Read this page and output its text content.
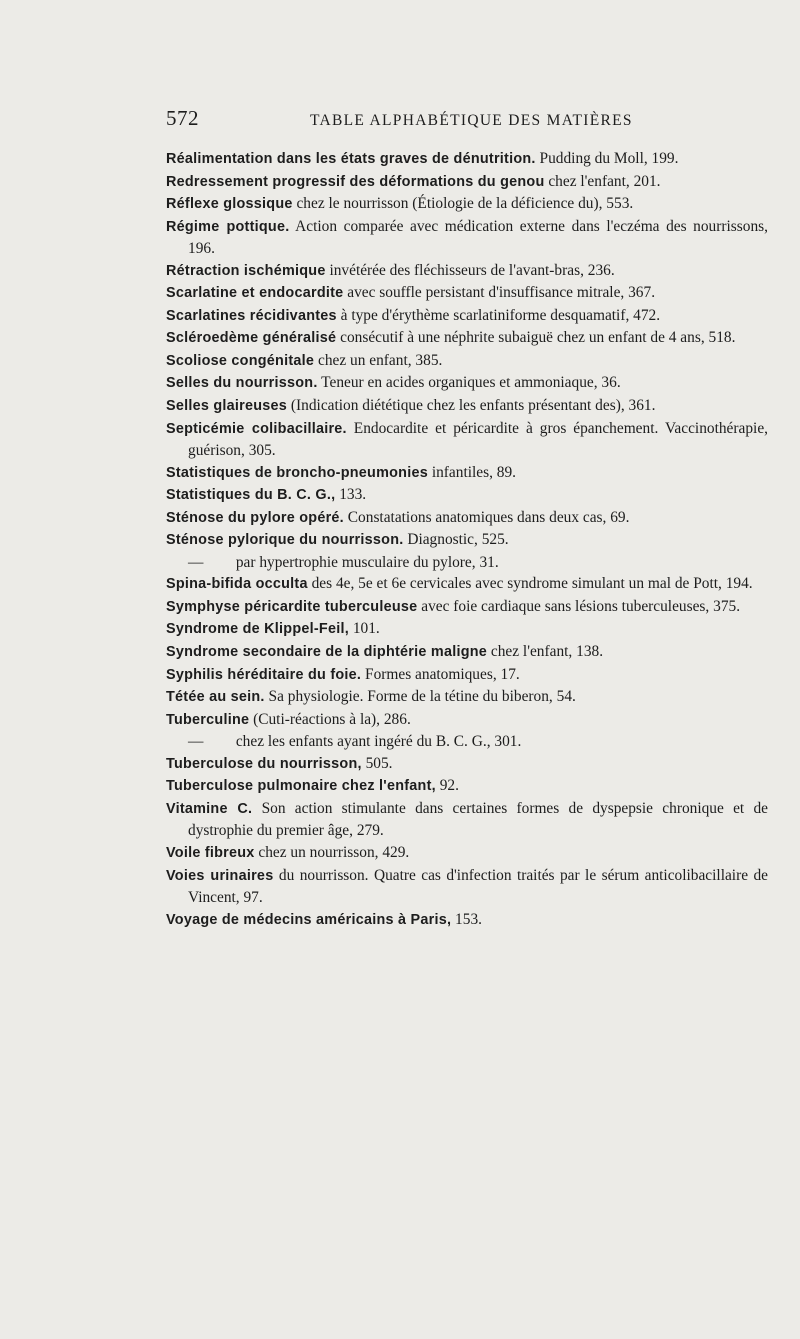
572	TABLE ALPHABÉTIQUE DES MATIÈRES
Réalimentation dans les états graves de dénutrition. Pudding du Moll, 199.
Redressement progressif des déformations du genou chez l'enfant, 201.
Réflexe glossique chez le nourrisson (Étiologie de la déficience du), 553.
Régime pottique. Action comparée avec médication externe dans l'eczéma des nourrissons, 196.
Rétraction ischémique invétérée des fléchisseurs de l'avant-bras, 236.
Scarlatine et endocardite avec souffle persistant d'insuffisance mitrale, 367.
Scarlatines récidivantes à type d'érythème scarlatiniforme desquamatif, 472.
Scléroedème généralisé consécutif à une néphrite subaiguë chez un enfant de 4 ans, 518.
Scoliose congénitale chez un enfant, 385.
Selles du nourrisson. Teneur en acides organiques et ammoniaque, 36.
Selles glaireuses (Indication diététique chez les enfants présentant des), 361.
Septicémie colibacillaire. Endocardite et péricardite à gros épanchement. Vaccinothérapie, guérison, 305.
Statistiques de broncho-pneumonies infantiles, 89.
Statistiques du B. C. G., 133.
Sténose du pylore opéré. Constatations anatomiques dans deux cas, 69.
Sténose pylorique du nourrisson. Diagnostic, 525.
— par hypertrophie musculaire du pylore, 31.
Spina-bifida occulta des 4e, 5e et 6e cervicales avec syndrome simulant un mal de Pott, 194.
Symphyse péricardite tuberculeuse avec foie cardiaque sans lésions tuberculeuses, 375.
Syndrome de Klippel-Feil, 101.
Syndrome secondaire de la diphtérie maligne chez l'enfant, 138.
Syphilis héréditaire du foie. Formes anatomiques, 17.
Tétée au sein. Sa physiologie. Forme de la tétine du biberon, 54.
Tuberculine (Cuti-réactions à la), 286.
— chez les enfants ayant ingéré du B. C. G., 301.
Tuberculose du nourrisson, 505.
Tuberculose pulmonaire chez l'enfant, 92.
Vitamine C. Son action stimulante dans certaines formes de dyspepsie chronique et de dystrophie du premier âge, 279.
Voile fibreux chez un nourrisson, 429.
Voies urinaires du nourrisson. Quatre cas d'infection traités par le sérum anticolibacillaire de Vincent, 97.
Voyage de médecins américains à Paris, 153.
